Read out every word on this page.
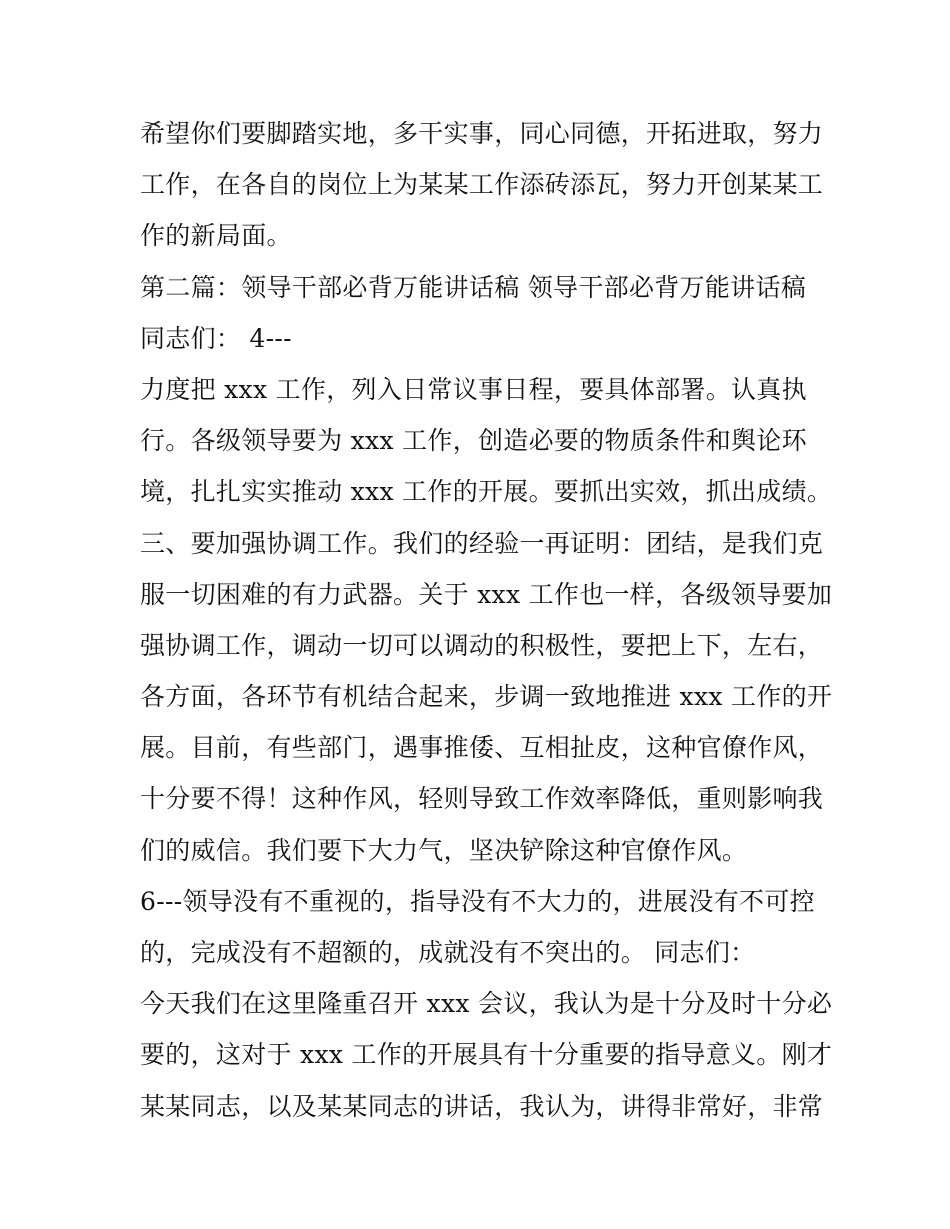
希望你们要脚踏实地，多干实事，同心同德，开拓进取，努力
工作，在各自的岗位上为某某工作添砖添瓦，努力开创某某工
作的新局面。
第二篇：领导干部必背万能讲话稿 领导干部必背万能讲话稿
同志们： 4---
力度把 xxx 工作，列入日常议事日程，要具体部署。认真执
行。各级领导要为 xxx 工作，创造必要的物质条件和舆论环
境，扎扎实实推动 xxx 工作的开展。要抓出实效，抓出成绩。
三、要加强协调工作。我们的经验一再证明：团结，是我们克
服一切困难的有力武器。关于 xxx 工作也一样，各级领导要加
强协调工作，调动一切可以调动的积极性，要把上下，左右，
各方面，各环节有机结合起来，步调一致地推进 xxx 工作的开
展。目前，有些部门，遇事推倭、互相扯皮，这种官僚作风，
十分要不得！这种作风，轻则导致工作效率降低，重则影响我
们的威信。我们要下大力气，坚决铲除这种官僚作风。
6---领导没有不重视的，指导没有不大力的，进展没有不可控
的，完成没有不超额的，成就没有不突出的。 同志们：
今天我们在这里隆重召开 xxx 会议，我认为是十分及时十分必
要的，这对于 xxx 工作的开展具有十分重要的指导意义。刚才
某某同志，以及某某同志的讲话，我认为，讲得非常好，非常
